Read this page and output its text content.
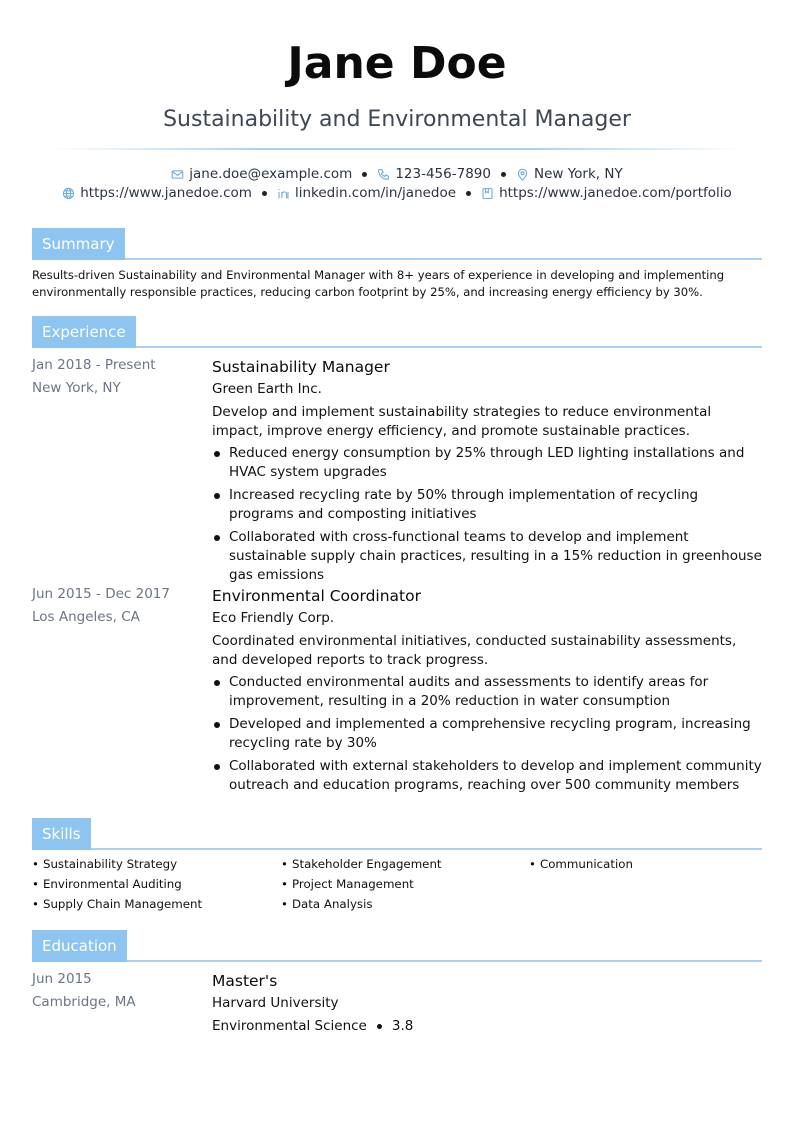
Jane Doe
Sustainability and Environmental Manager
jane.doe@example.com	123-456-7890	New York, NY
https://www.janedoe.com	linkedin.com/in/janedoe	https://www.janedoe.com/portfolio
Summary
Results-driven Sustainability and Environmental Manager with 8+ years of experience in developing and implementing environmentally responsible practices, reducing carbon footprint by 25%, and increasing energy efficiency by 30%.
Experience
Jan 2018 - Present
New York, NY
Sustainability Manager
Green Earth Inc.
Develop and implement sustainability strategies to reduce environmental impact, improve energy efficiency, and promote sustainable practices.
Reduced energy consumption by 25% through LED lighting installations and HVAC system upgrades
Increased recycling rate by 50% through implementation of recycling programs and composting initiatives
Collaborated with cross-functional teams to develop and implement sustainable supply chain practices, resulting in a 15% reduction in greenhouse gas emissions
Jun 2015 - Dec 2017
Los Angeles, CA
Environmental Coordinator
Eco Friendly Corp.
Coordinated environmental initiatives, conducted sustainability assessments, and developed reports to track progress.
Conducted environmental audits and assessments to identify areas for improvement, resulting in a 20% reduction in water consumption
Developed and implemented a comprehensive recycling program, increasing recycling rate by 30%
Collaborated with external stakeholders to develop and implement community outreach and education programs, reaching over 500 community members
Skills
• Sustainability Strategy	• Stakeholder Engagement	• Communication
• Environmental Auditing	• Project Management
• Supply Chain Management	• Data Analysis
Education
Jun 2015
Cambridge, MA
Master's
Harvard University
Environmental Science 3.8
